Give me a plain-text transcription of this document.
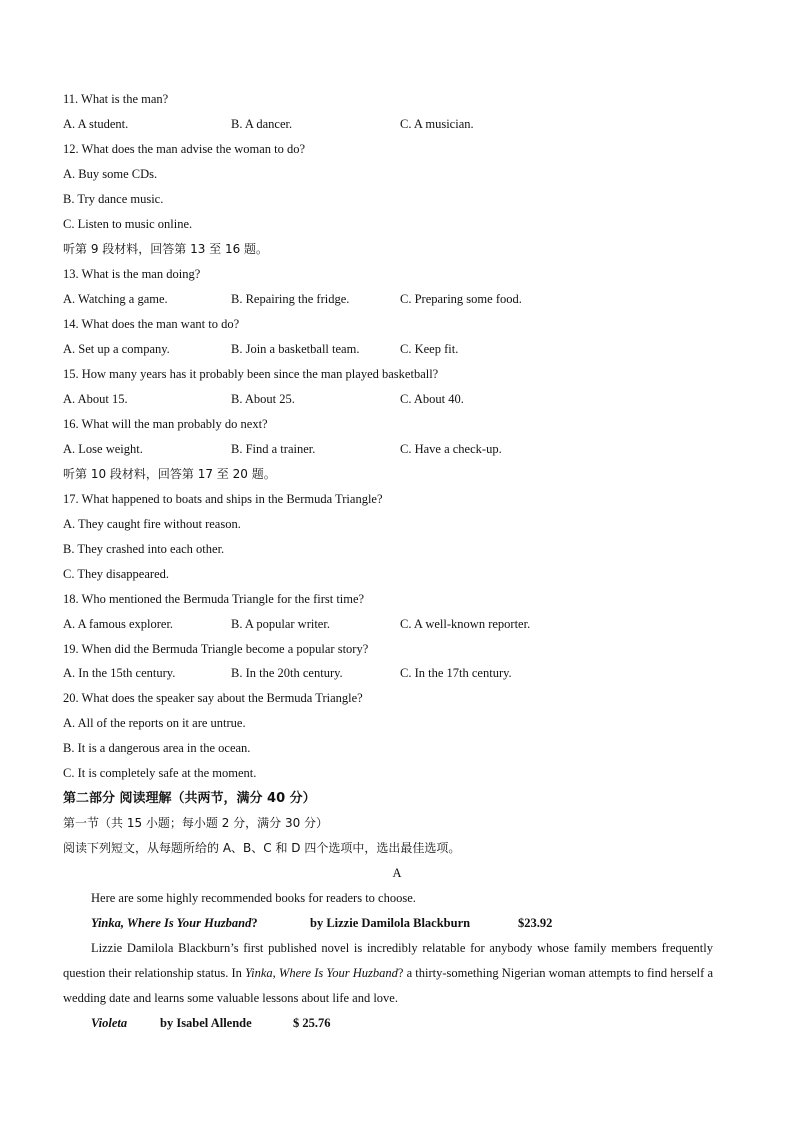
11. What is the man?
A. A student.	B. A dancer.	C. A musician.
12. What does the man advise the woman to do?
A. Buy some CDs.
B. Try dance music.
C. Listen to music online.
听第 9 段材料，回答第 13 至 16 题。
13. What is the man doing?
A. Watching a game.	B. Repairing the fridge.	C. Preparing some food.
14. What does the man want to do?
A. Set up a company.	B. Join a basketball team.	C. Keep fit.
15. How many years has it probably been since the man played basketball?
A. About 15.	B. About 25.	C. About 40.
16. What will the man probably do next?
A. Lose weight.	B. Find a trainer.	C. Have a check-up.
听第 10 段材料，回答第 17 至 20 题。
17. What happened to boats and ships in the Bermuda Triangle?
A. They caught fire without reason.
B. They crashed into each other.
C. They disappeared.
18. Who mentioned the Bermuda Triangle for the first time?
A. A famous explorer.	B. A popular writer.	C. A well-known reporter.
19. When did the Bermuda Triangle become a popular story?
A. In the 15th century.	B. In the 20th century.	C. In the 17th century.
20. What does the speaker say about the Bermuda Triangle?
A. All of the reports on it are untrue.
B. It is a dangerous area in the ocean.
C. It is completely safe at the moment.
第二部分 阅读理解（共两节，满分 40 分）
第一节（共 15 小题；每小题 2 分，满分 30 分）
阅读下列短文，从每题所给的 A、B、C 和 D 四个选项中，选出最佳选项。
A
Here are some highly recommended books for readers to choose.
Yinka, Where Is Your Huzband?	by Lizzie Damilola Blackburn	$23.92
Lizzie Damilola Blackburn’s first published novel is incredibly relatable for anybody whose family members frequently question their relationship status. In Yinka, Where Is Your Huzband? a thirty-something Nigerian woman attempts to find herself a wedding date and learns some valuable lessons about life and love.
Violeta	by Isabel Allende	$ 25.76
